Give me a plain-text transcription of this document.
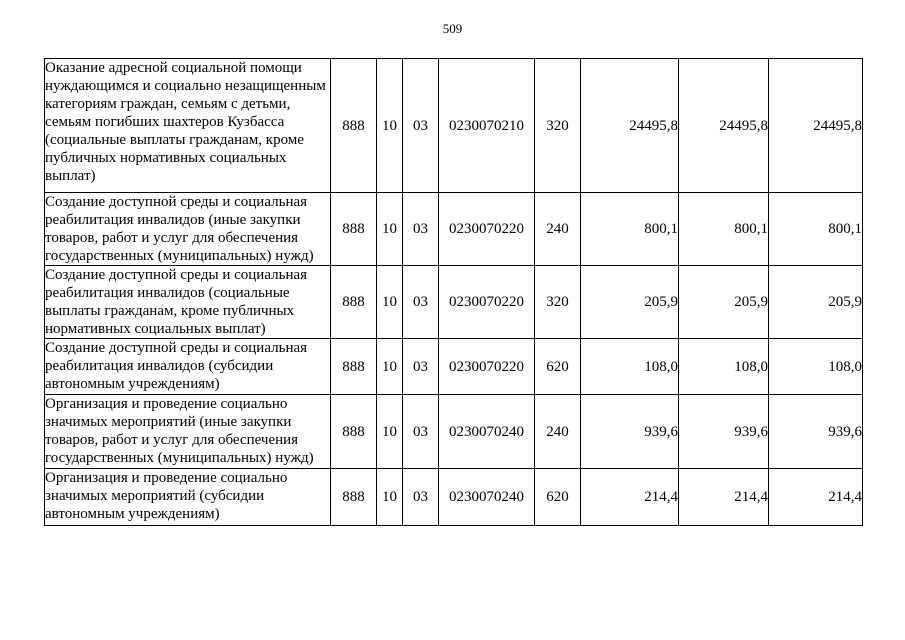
509
Оказание адресной социальной помощи нуждающимся и социально незащищенным категориям граждан, семьям с детьми, семьям погибших шахтеров Кузбасса (социальные выплаты гражданам, кроме публичных нормативных социальных выплат)	888	10	03	0230070210	320	24495,8	24495,8	24495,8
Создание доступной среды и социальная реабилитация инвалидов (иные закупки товаров, работ и услуг для обеспечения государственных (муниципальных) нужд)	888	10	03	0230070220	240	800,1	800,1	800,1
Создание доступной среды и социальная реабилитация инвалидов (социальные выплаты гражданам, кроме публичных нормативных социальных выплат)	888	10	03	0230070220	320	205,9	205,9	205,9
Создание доступной среды и социальная реабилитация инвалидов (субсидии автономным учреждениям)	888	10	03	0230070220	620	108,0	108,0	108,0
Организация и проведение социально значимых мероприятий (иные закупки товаров, работ и услуг для обеспечения государственных (муниципальных) нужд)	888	10	03	0230070240	240	939,6	939,6	939,6
Организация и проведение социально значимых мероприятий (субсидии автономным учреждениям)	888	10	03	0230070240	620	214,4	214,4	214,4
